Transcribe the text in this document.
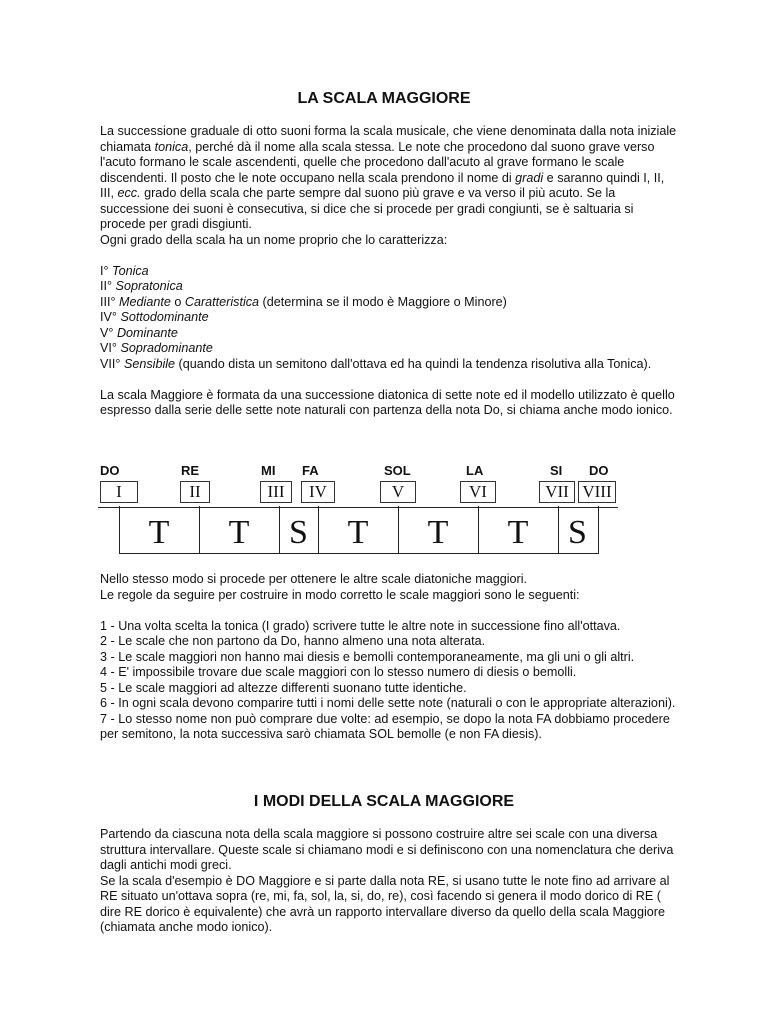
LA SCALA MAGGIORE

La successione graduale di otto suoni forma la scala musicale, che viene denominata dalla nota iniziale chiamata tonica, perché dà il nome alla scala stessa. Le note che procedono dal suono grave verso l'acuto formano le scale ascendenti, quelle che procedono dall'acuto al grave formano le scale discendenti. Il posto che le note occupano nella scala prendono il nome di gradi e saranno quindi I, II, III, ecc. grado della scala che parte sempre dal suono più grave e va verso il più acuto. Se la successione dei suoni è consecutiva, si dice che si procede per gradi congiunti, se è saltuaria si procede per gradi disgiunti.

Ogni grado della scala ha un nome proprio che lo caratterizza:

I° Tonica

II° Sopratonica

III° Mediante o Caratteristica (determina se il modo è Maggiore o Minore)

IV° Sottodominante

V° Dominante

VI° Sopradominante

VII° Sensibile (quando dista un semitono dall'ottava ed ha quindi la tendenza risolutiva alla Tonica).

La scala Maggiore è formata da una successione diatonica di sette note ed il modello utilizzato è quello espresso dalla serie delle sette note naturali con partenza della nota Do, si chiama anche modo ionico.

DO	RE	MI FA	SOL	LA	SI DO
I	II	III	IV	V	VI	VII VIII
T	T	S	T	T	T	S

Nello stesso modo si procede per ottenere le altre scale diatoniche maggiori.

Le regole da seguire per costruire in modo corretto le scale maggiori sono le seguenti:

1 - Una volta scelta la tonica (I grado) scrivere tutte le altre note in successione fino all'ottava.

2 - Le scale che non partono da Do, hanno almeno una nota alterata.

3 - Le scale maggiori non hanno mai diesis e bemolli contemporaneamente, ma gli uni o gli altri.

4 - E' impossibile trovare due scale maggiori con lo stesso numero di diesis o bemolli.

5 - Le scale maggiori ad altezze differenti suonano tutte identiche.

6 - In ogni scala devono comparire tutti i nomi delle sette note (naturali o con le appropriate alterazioni).

7 - Lo stesso nome non può comprare due volte: ad esempio, se dopo la nota FA dobbiamo procedere per semitono, la nota successiva sarò chiamata SOL bemolle (e non FA diesis).

I MODI DELLA SCALA MAGGIORE

Partendo da ciascuna nota della scala maggiore si possono costruire altre sei scale con una diversa struttura intervallare. Queste scale si chiamano modi e si definiscono con una nomenclatura che deriva dagli antichi modi greci.

Se la scala d'esempio è DO Maggiore e si parte dalla nota RE, si usano tutte le note fino ad arrivare al RE situato un'ottava sopra (re, mi, fa, sol, la, si, do, re), così facendo si genera il modo dorico di RE ( dire RE dorico è equivalente) che avrà un rapporto intervallare diverso da quello della scala Maggiore (chiamata anche modo ionico).
